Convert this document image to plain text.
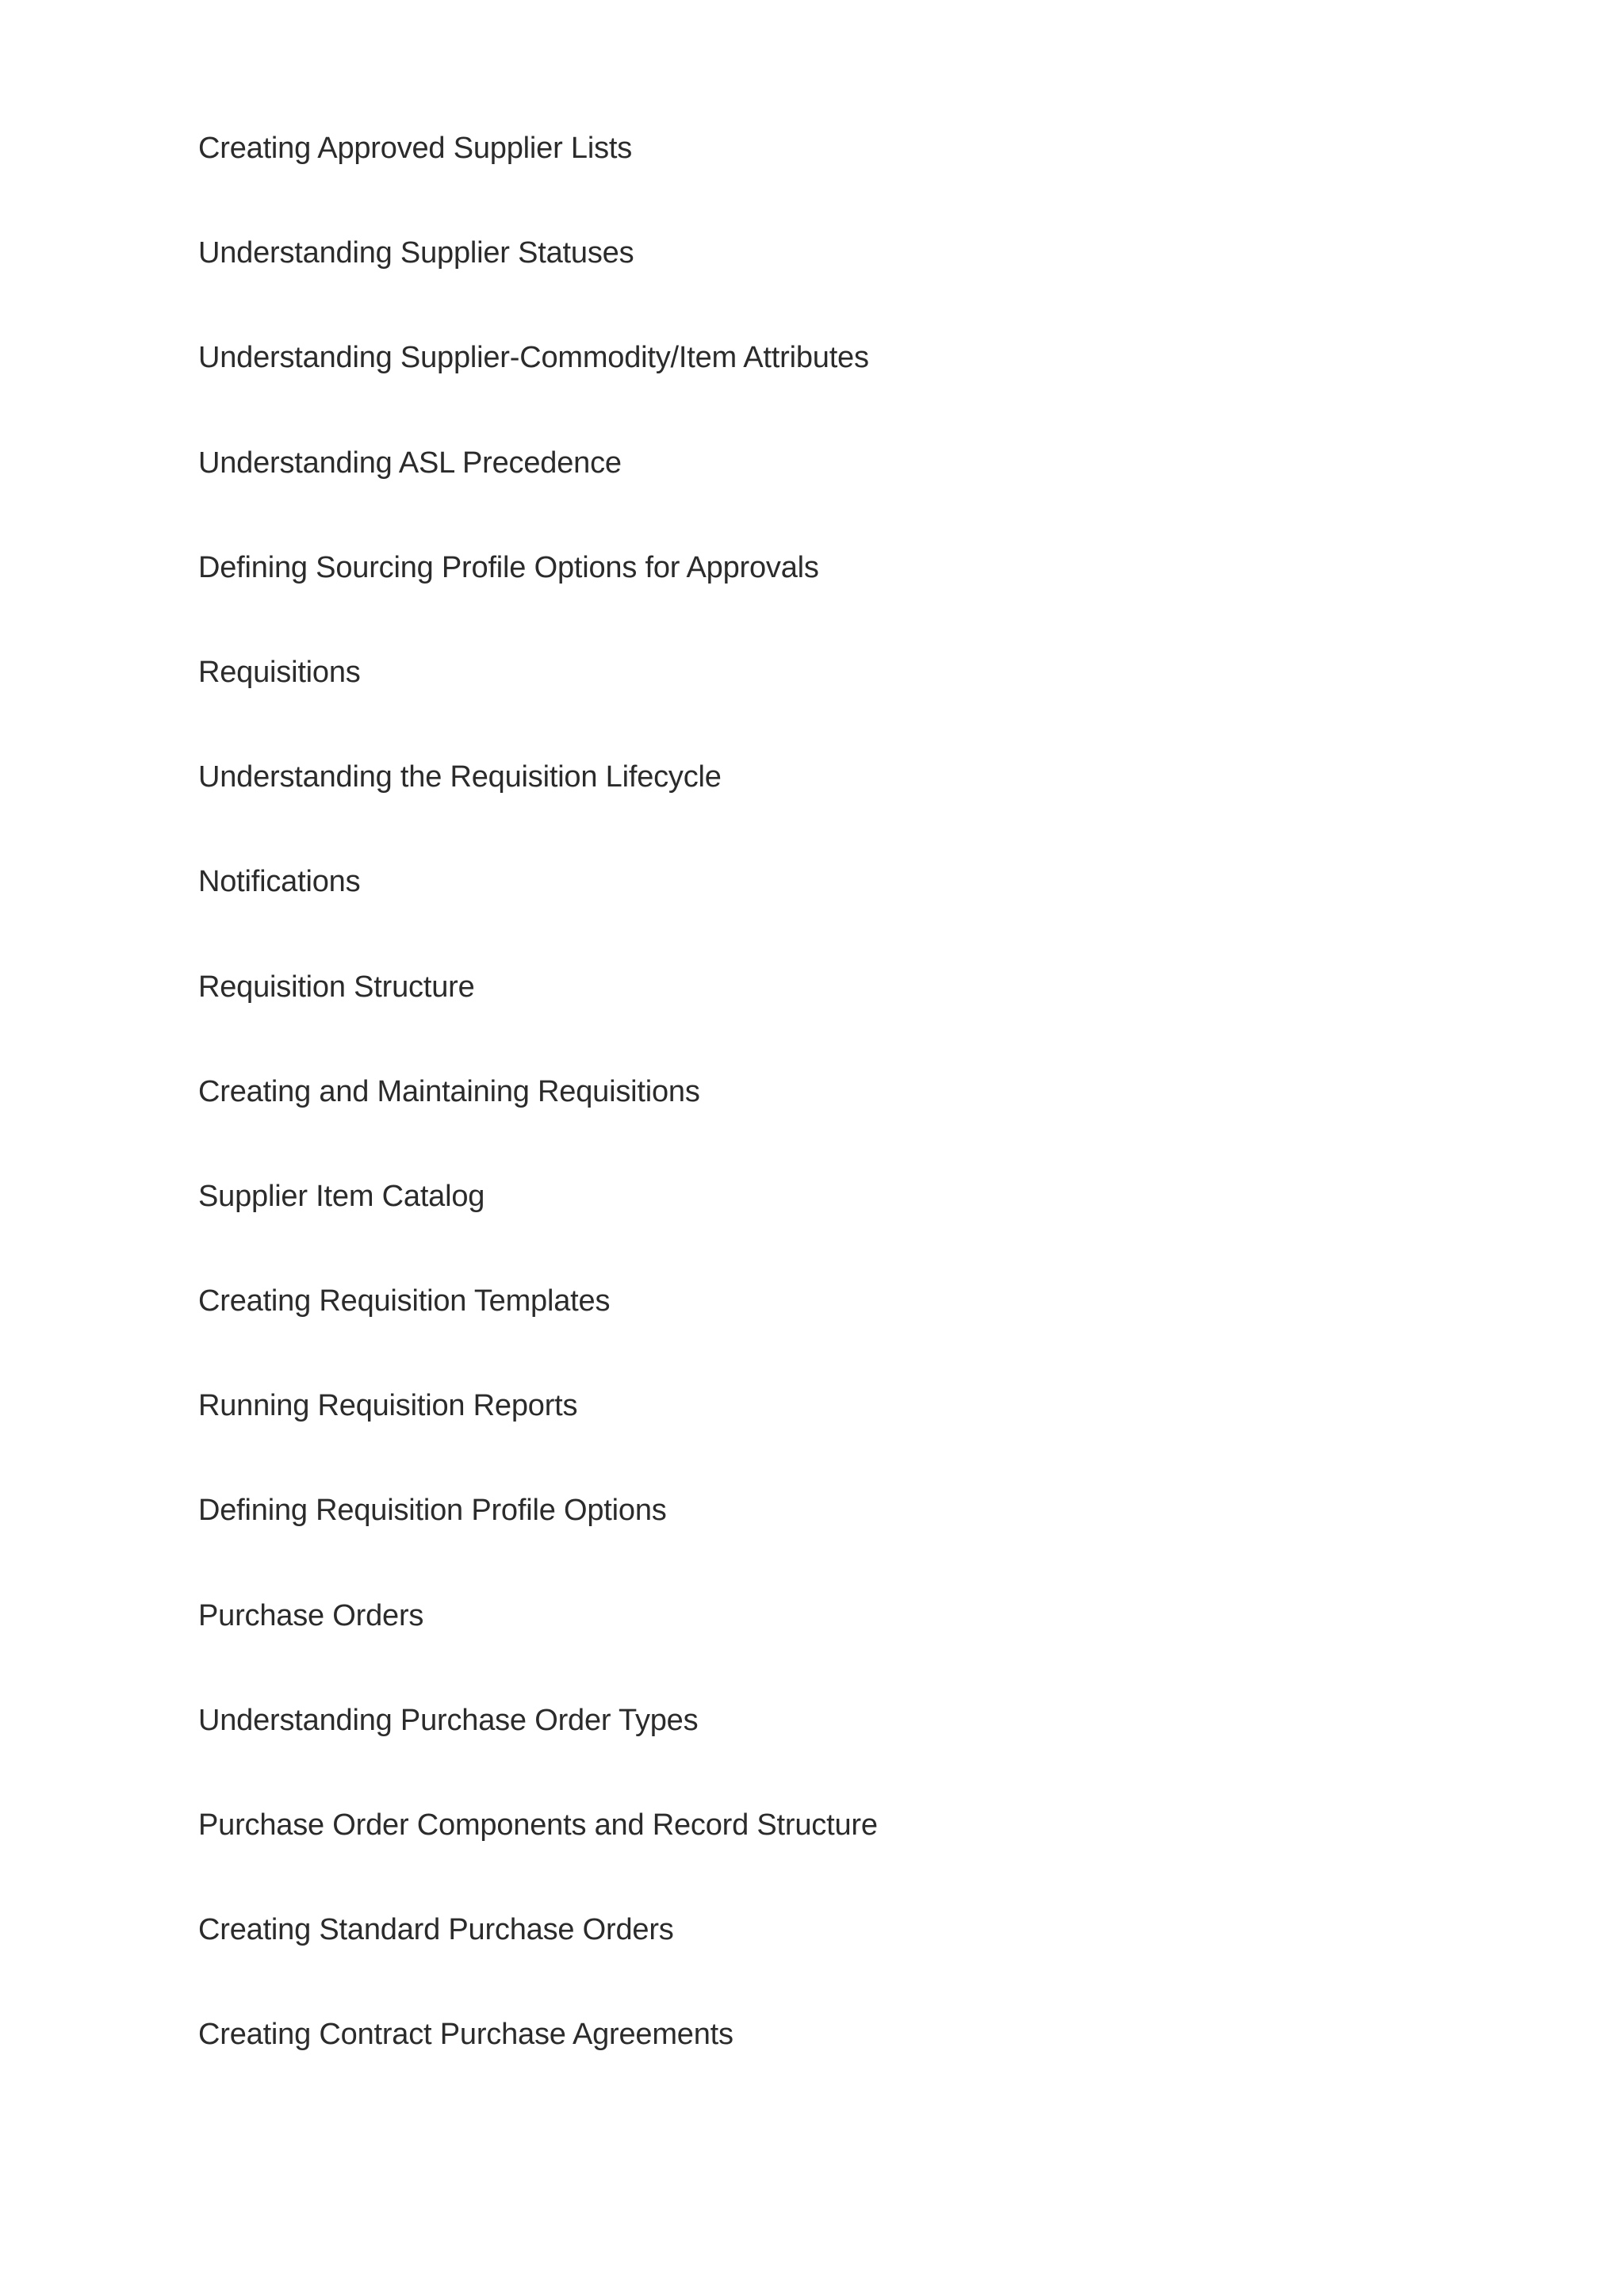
Creating Approved Supplier Lists
Understanding Supplier Statuses
Understanding Supplier-Commodity/Item Attributes
Understanding ASL Precedence
Defining Sourcing Profile Options for Approvals
Requisitions
Understanding the Requisition Lifecycle
Notifications
Requisition Structure
Creating and Maintaining Requisitions
Supplier Item Catalog
Creating Requisition Templates
Running Requisition Reports
Defining Requisition Profile Options
Purchase Orders
Understanding Purchase Order Types
Purchase Order Components and Record Structure
Creating Standard Purchase Orders
Creating Contract Purchase Agreements
